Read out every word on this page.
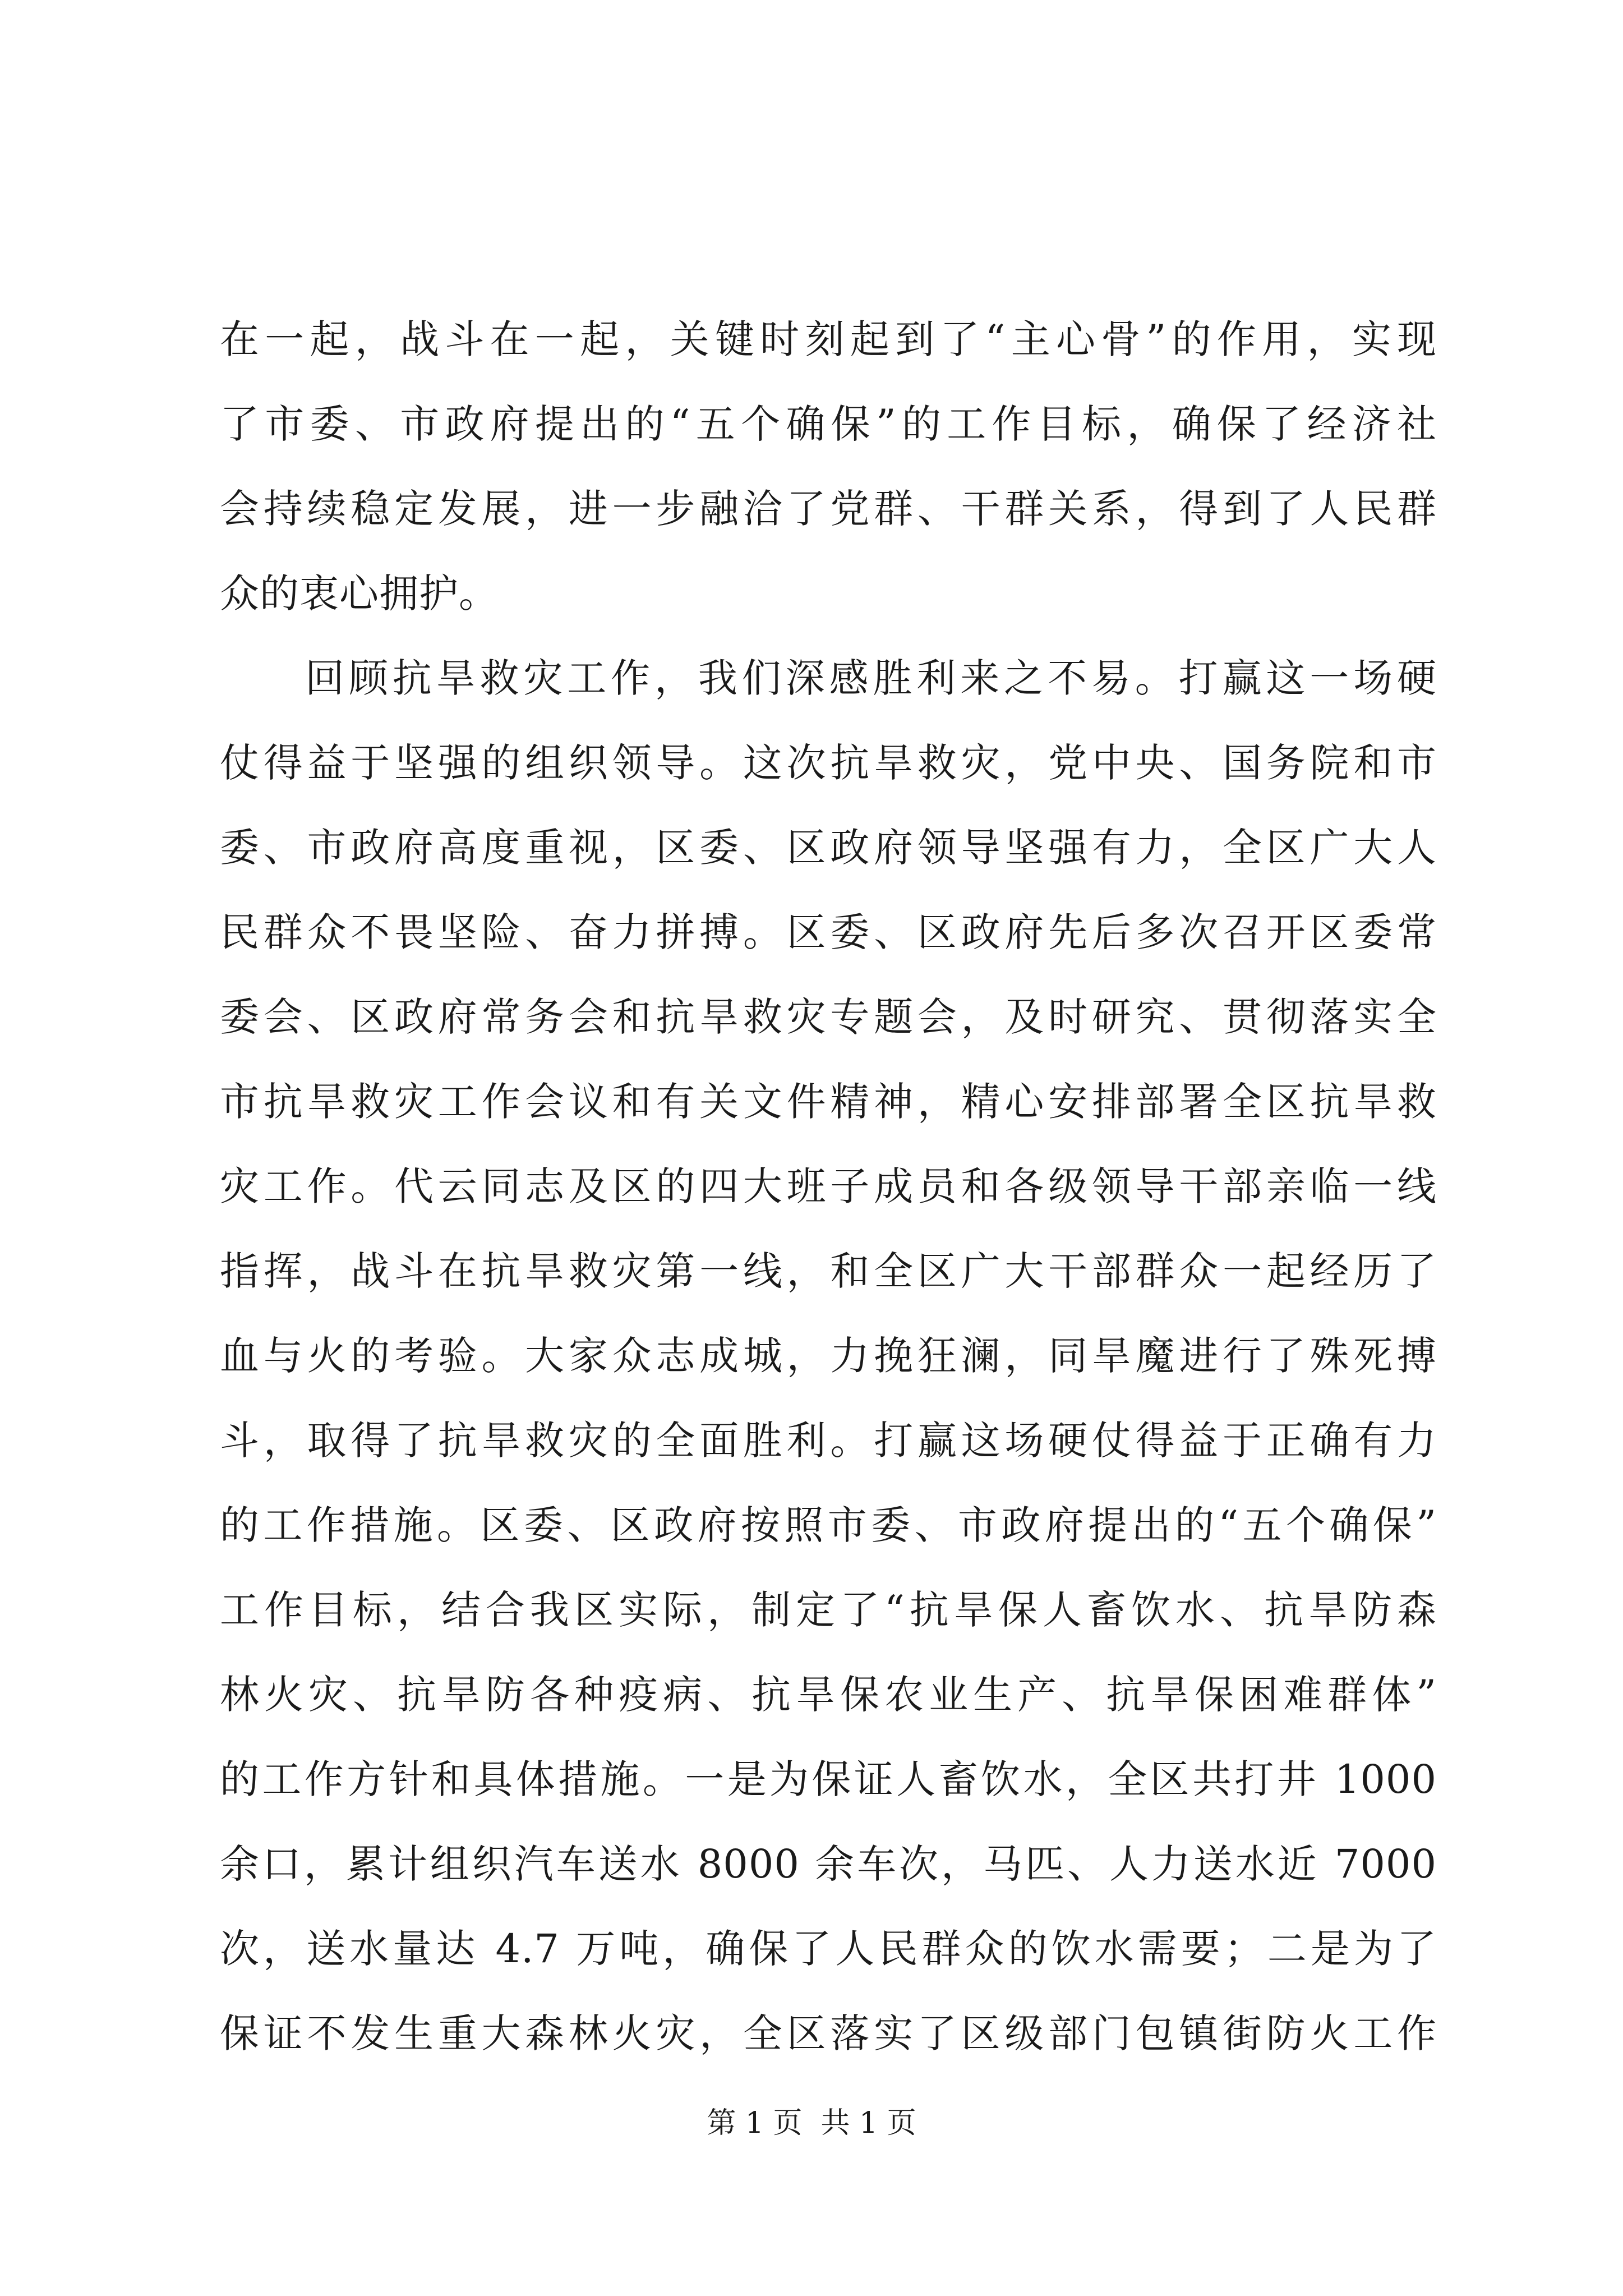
在一起，战斗在一起，关键时刻起到了“主心骨”的作用，实现
了市委、市政府提出的“五个确保”的工作目标，确保了经济社
会持续稳定发展，进一步融洽了党群、干群关系，得到了人民群
众的衷心拥护。
回顾抗旱救灾工作，我们深感胜利来之不易。打赢这一场硬
仗得益于坚强的组织领导。这次抗旱救灾，党中央、国务院和市
委、市政府高度重视，区委、区政府领导坚强有力，全区广大人
民群众不畏坚险、奋力拼搏。区委、区政府先后多次召开区委常
委会、区政府常务会和抗旱救灾专题会，及时研究、贯彻落实全
市抗旱救灾工作会议和有关文件精神，精心安排部署全区抗旱救
灾工作。代云同志及区的四大班子成员和各级领导干部亲临一线
指挥，战斗在抗旱救灾第一线，和全区广大干部群众一起经历了
血与火的考验。大家众志成城，力挽狂澜，同旱魔进行了殊死搏
斗，取得了抗旱救灾的全面胜利。打赢这场硬仗得益于正确有力
的工作措施。区委、区政府按照市委、市政府提出的“五个确保”
工作目标，结合我区实际，制定了“抗旱保人畜饮水、抗旱防森
林火灾、抗旱防各种疫病、抗旱保农业生产、抗旱保困难群体”
的工作方针和具体措施。一是为保证人畜饮水，全区共打井 1000
余口，累计组织汽车送水 8000 余车次，马匹、人力送水近 7000
次，送水量达 4.7 万吨，确保了人民群众的饮水需要；二是为了
保证不发生重大森林火灾，全区落实了区级部门包镇街防火工作
第 1 页  共 1 页
